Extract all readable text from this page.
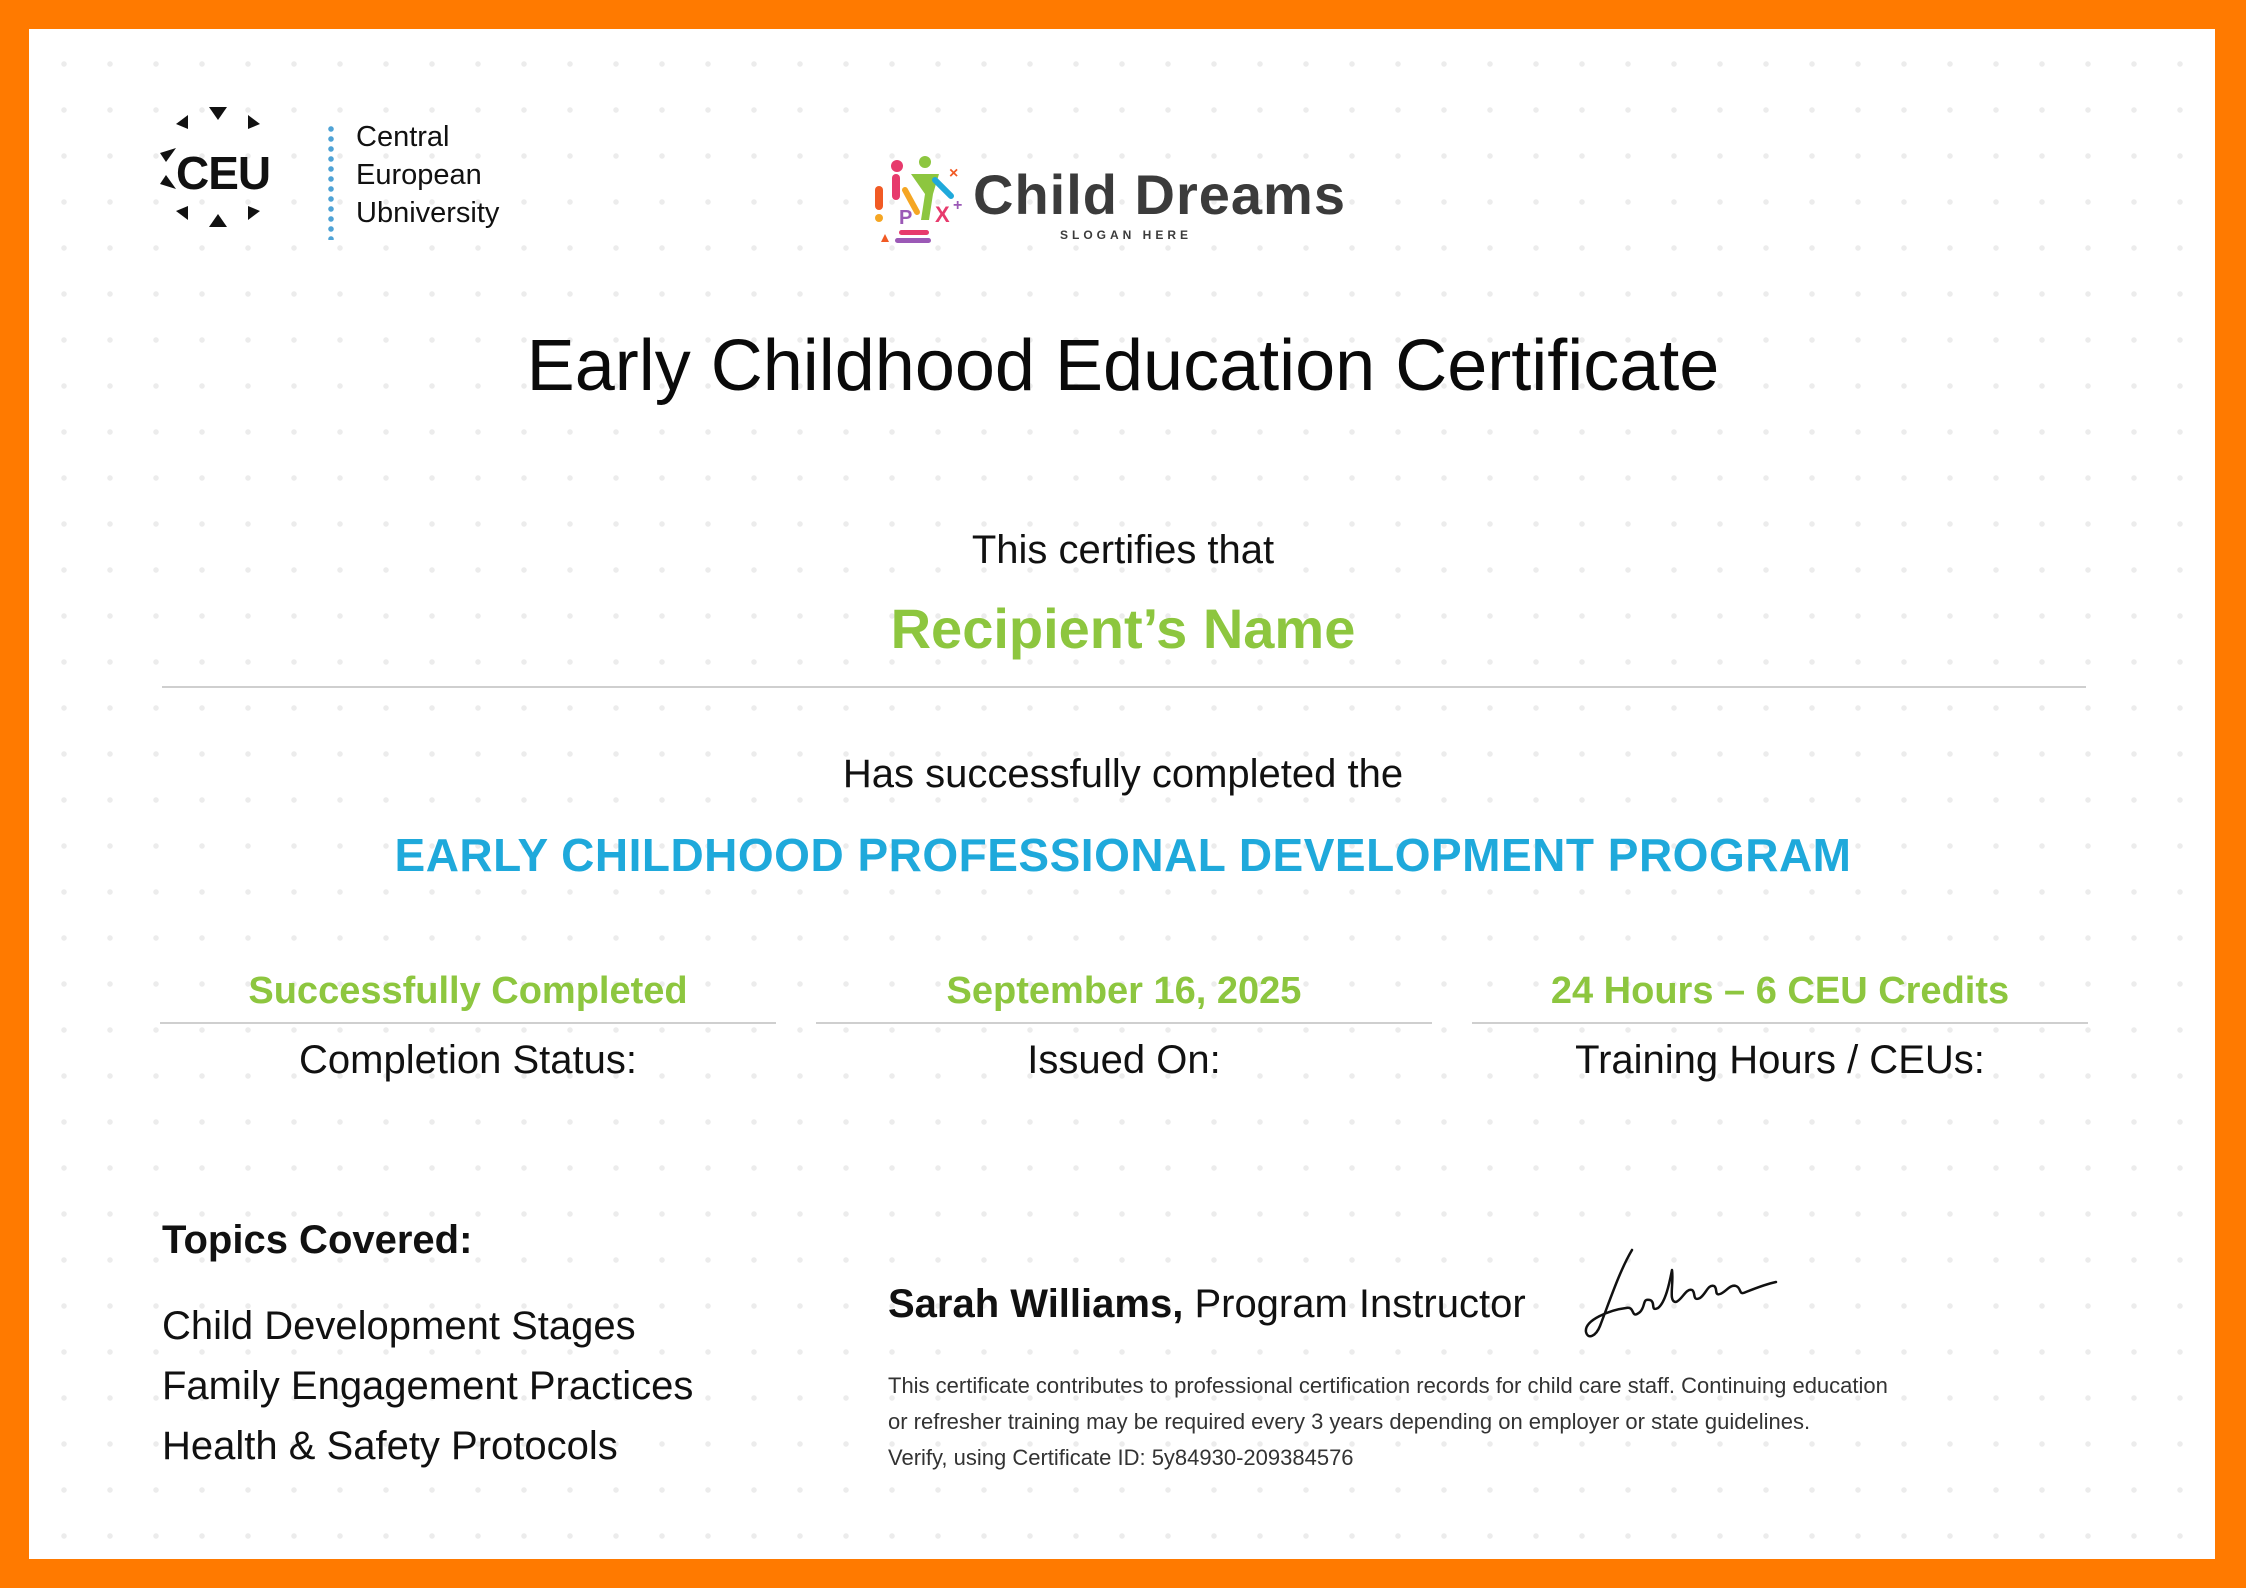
CEU
Central
European
Ubniversity	P X
×
+ Child Dreams
SLOGAN HERE
Early Childhood Education Certificate
This certifies that
Recipient’s Name
Has successfully completed the
EARLY CHILDHOOD PROFESSIONAL DEVELOPMENT PROGRAM
Successfully Completed
Completion Status:
September 16, 2025
Issued On:
24 Hours – 6 CEU Credits
Training Hours / CEUs:
Topics Covered:
Child Development Stages
Family Engagement Practices
Health & Safety Protocols
Sarah Williams, Program Instructor

This certificate contributes to professional certification records for child care staff. Continuing education

or refresher training may be required every 3 years depending on employer or state guidelines.

Verify, using Certificate ID: 5y84930-209384576
